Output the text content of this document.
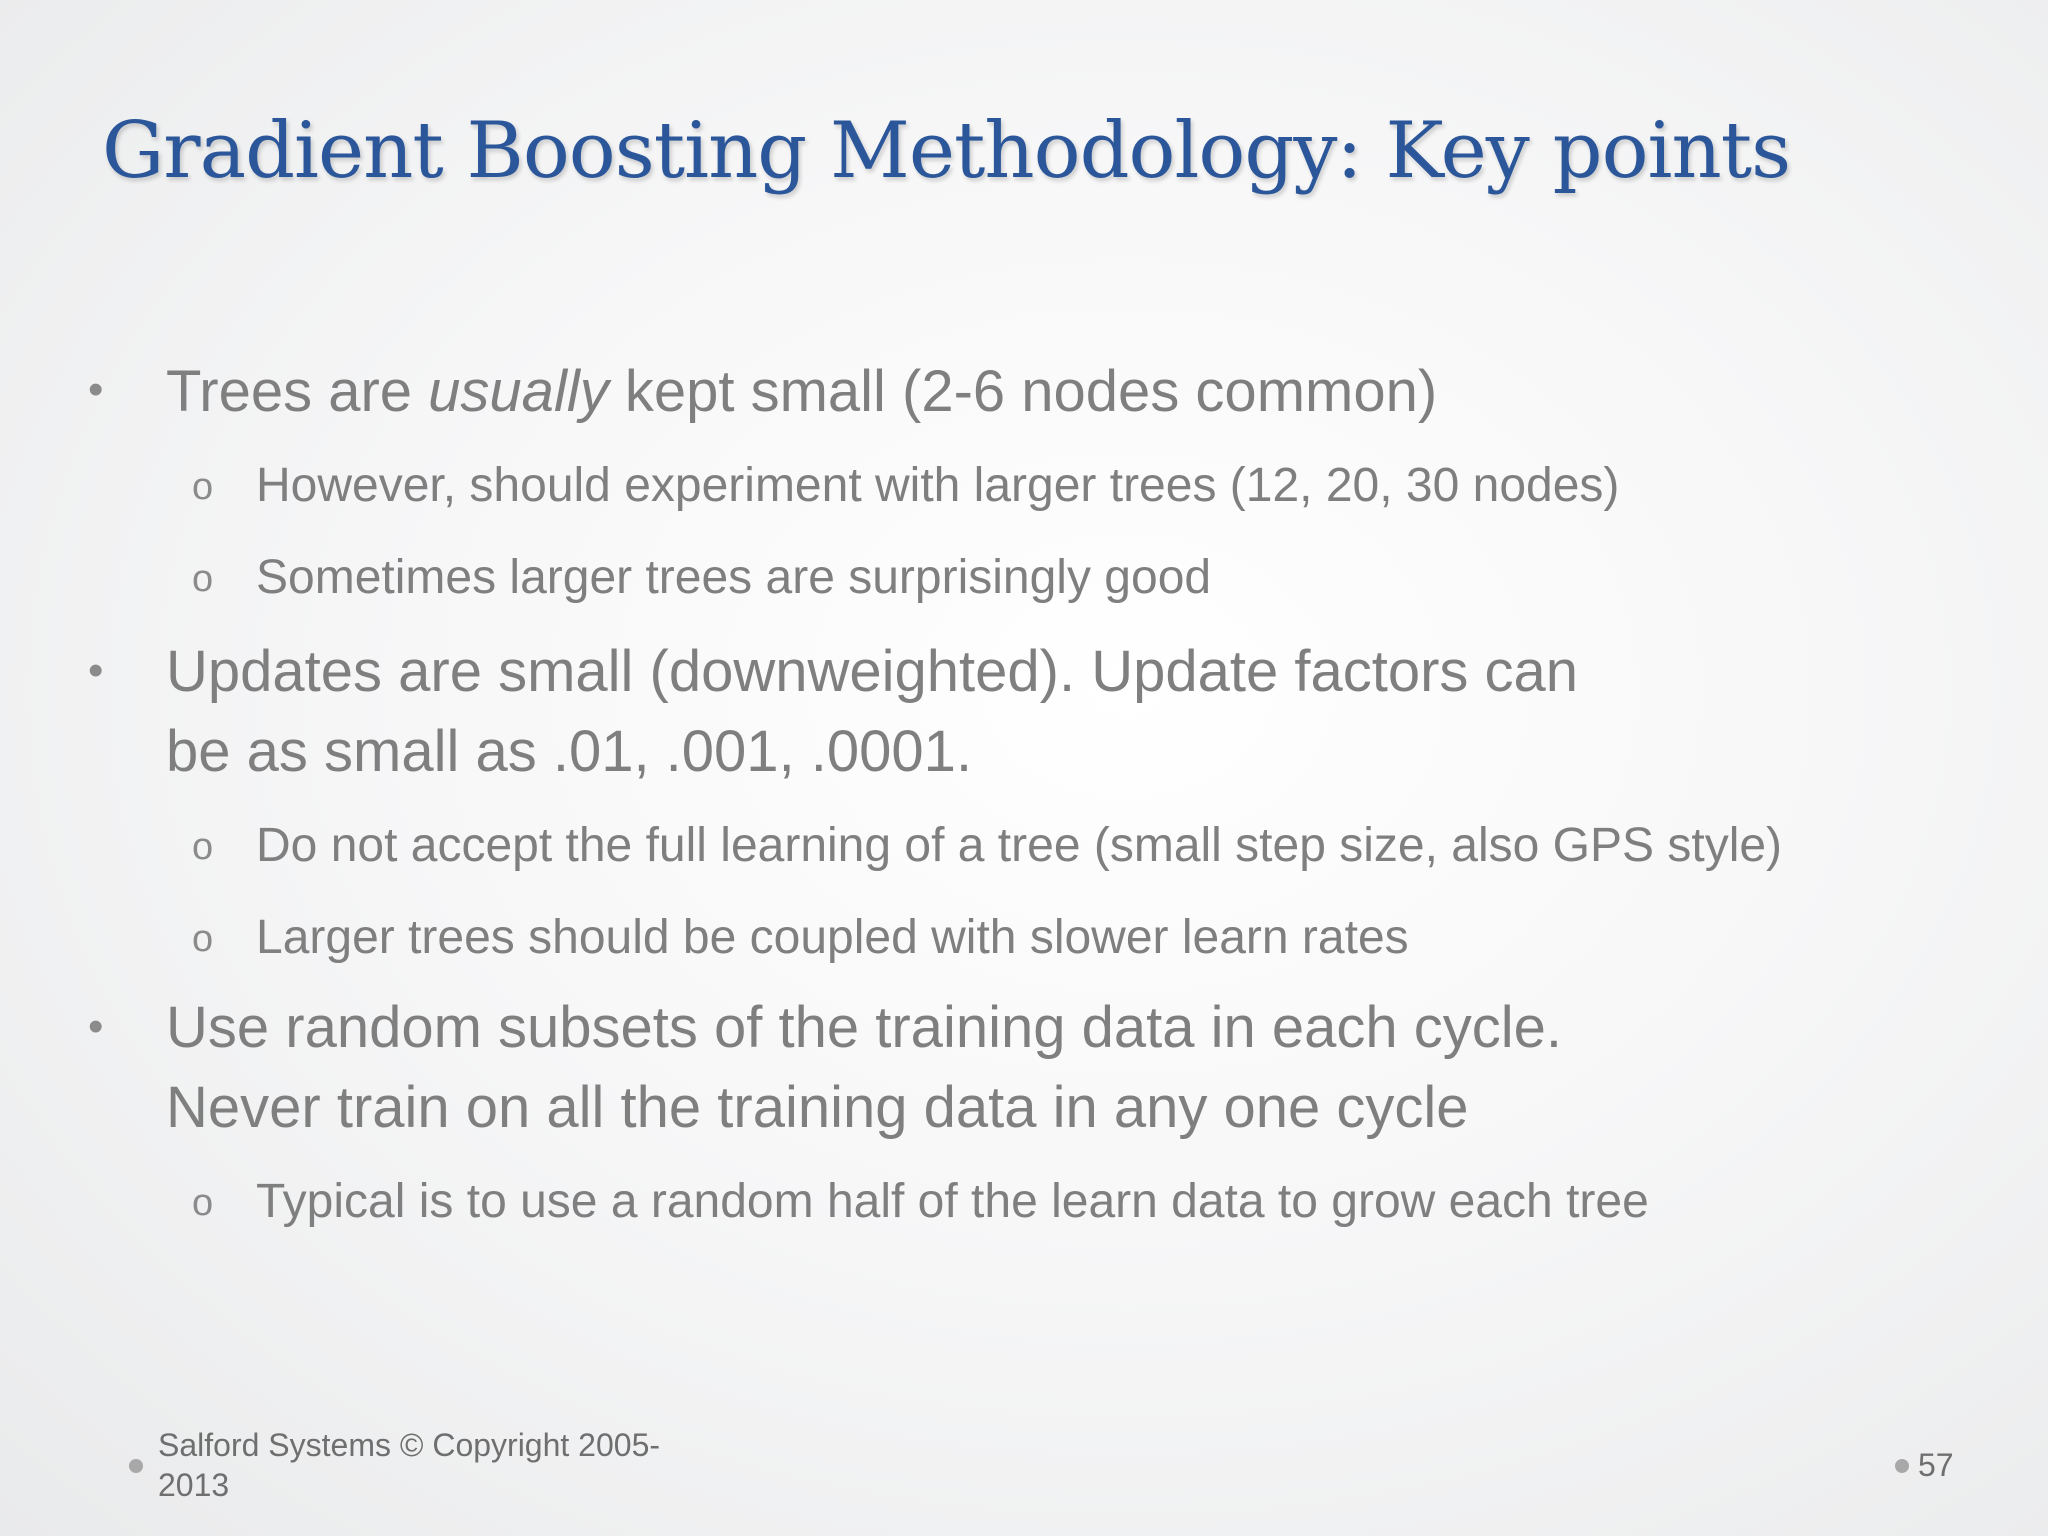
Gradient Boosting Methodology: Key points
• Trees are usually kept small (2-6 nodes common)
o However, should experiment with larger trees (12, 20, 30 nodes)
o Sometimes larger trees are surprisingly good
• Updates are small (downweighted). Update factors can
be as small as .01, .001, .0001.
o Do not accept the full learning of a tree (small step size, also GPS style)
o Larger trees should be coupled with slower learn rates
• Use random subsets of the training data in each cycle.
Never train on all the training data in any one cycle
o Typical is to use a random half of the learn data to grow each tree
Salford Systems © Copyright 2005-
2013
57
